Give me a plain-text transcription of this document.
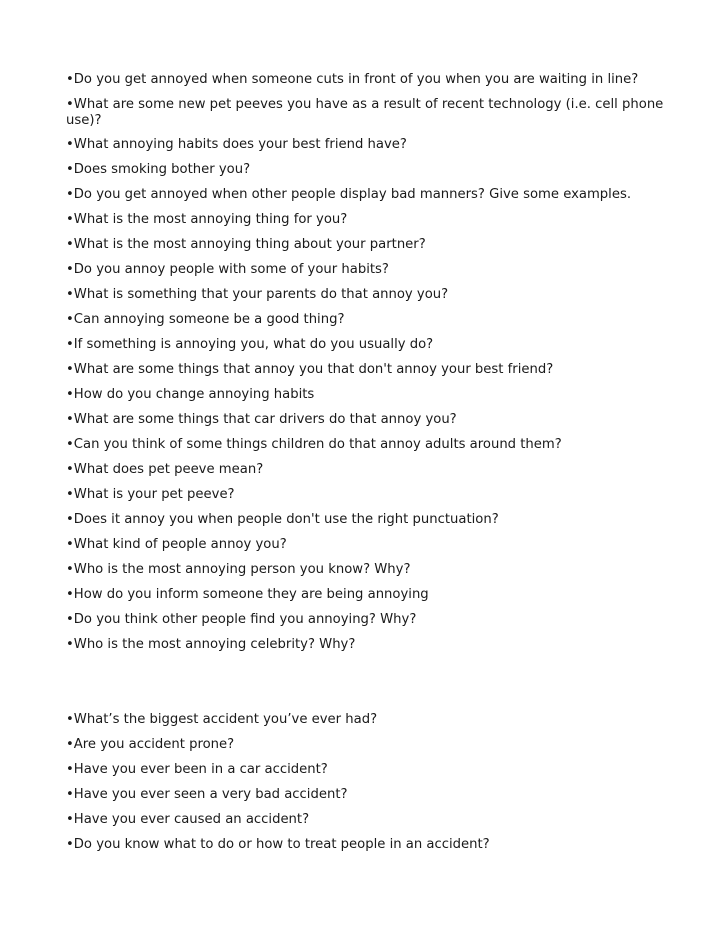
•Do you get annoyed when someone cuts in front of you when you are waiting in line?
•What are some new pet peeves you have as a result of recent technology (i.e. cell phone use)?
•What annoying habits does your best friend have?
•Does smoking bother you?
•Do you get annoyed when other people display bad manners? Give some examples.
•What is the most annoying thing for you?
•What is the most annoying thing about your partner?
•Do you annoy people with some of your habits?
•What is something that your parents do that annoy you?
•Can annoying someone be a good thing?
•If something is annoying you, what do you usually do?
•What are some things that annoy you that don't annoy your best friend?
•How do you change annoying habits
•What are some things that car drivers do that annoy you?
•Can you think of some things children do that annoy adults around them?
•What does pet peeve mean?
•What is your pet peeve?
•Does it annoy you when people don't use the right punctuation?
•What kind of people annoy you?
•Who is the most annoying person you know? Why?
•How do you inform someone they are being annoying
•Do you think other people find you annoying? Why?
•Who is the most annoying celebrity? Why?
•What’s the biggest accident you’ve ever had?
•Are you accident prone?
•Have you ever been in a car accident?
•Have you ever seen a very bad accident?
•Have you ever caused an accident?
•Do you know what to do or how to treat people in an accident?
